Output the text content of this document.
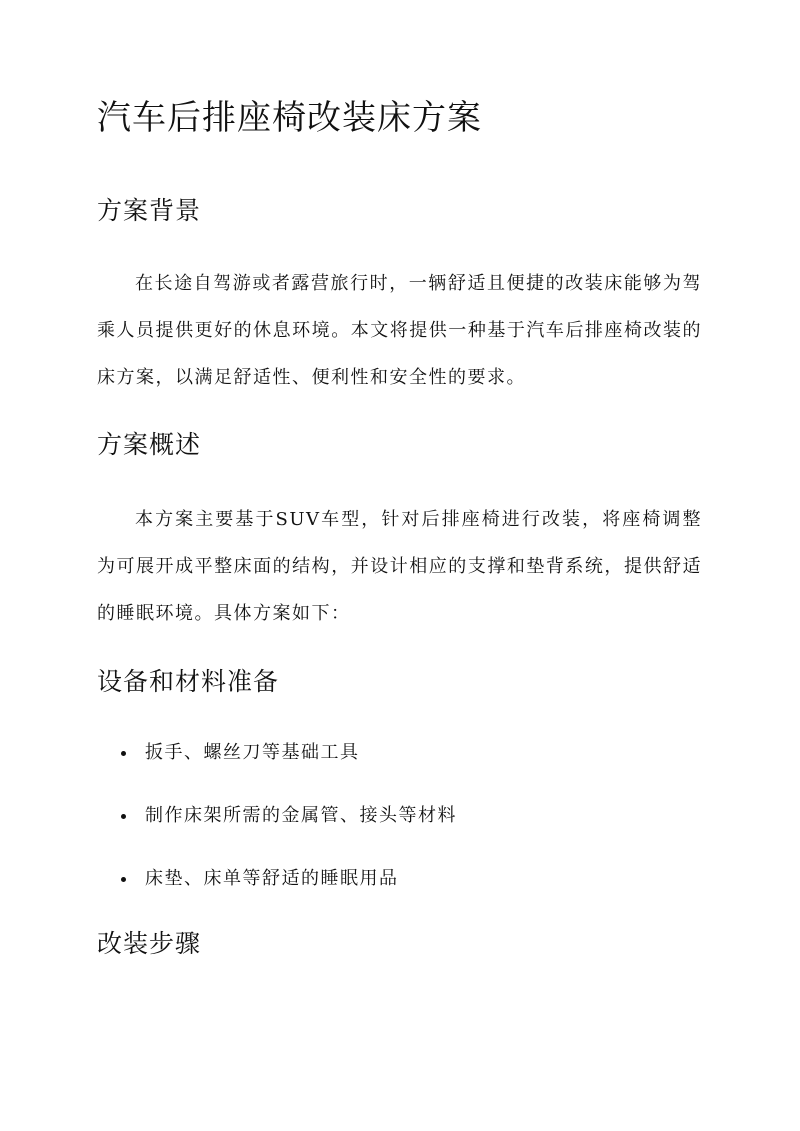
汽车后排座椅改装床方案
方案背景

在长途自驾游或者露营旅行时，一辆舒适且便捷的改装床能够为驾乘人员提供更好的休息环境。本文将提供一种基于汽车后排座椅改装的床方案，以满足舒适性、便利性和安全性的要求。

方案概述

本方案主要基于SUV车型，针对后排座椅进行改装，将座椅调整为可展开成平整床面的结构，并设计相应的支撑和垫背系统，提供舒适的睡眠环境。具体方案如下：

设备和材料准备
扳手、螺丝刀等基础工具
制作床架所需的金属管、接头等材料
床垫、床单等舒适的睡眠用品
改装步骤
